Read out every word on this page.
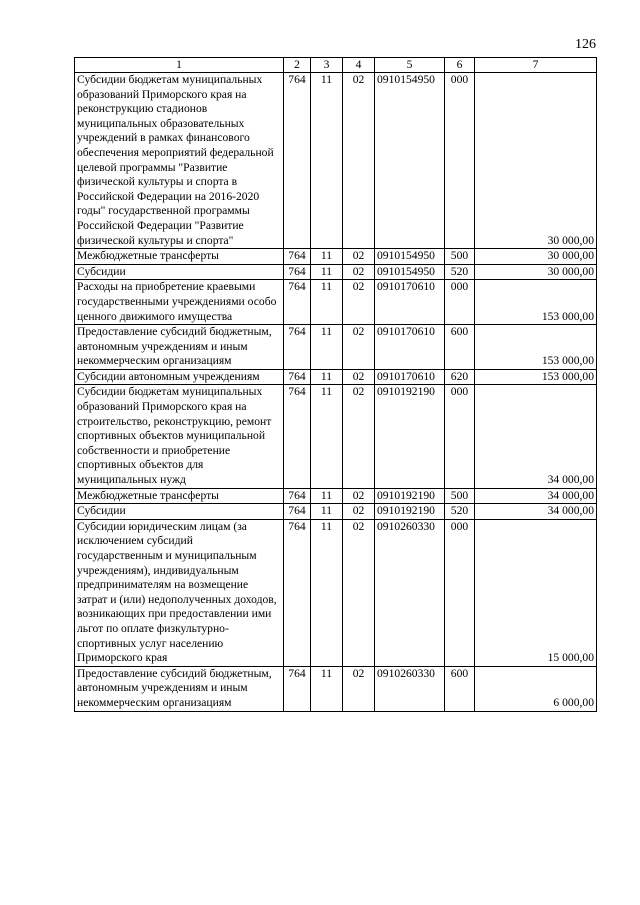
126
1	2	3	4	5	6	7
Субсидии бюджетам муниципальных образований Приморского края на реконструкцию стадионов муниципальных образовательных учреждений в рамках финансового обеспечения мероприятий федеральной целевой программы "Развитие физической культуры и спорта в Российской Федерации на 2016-2020 годы" государственной программы Российской Федерации "Развитие физической культуры и спорта"	764	11	02	0910154950	000	30 000,00
Межбюджетные трансферты	764	11	02	0910154950	500	30 000,00
Субсидии	764	11	02	0910154950	520	30 000,00
Расходы на приобретение краевыми государственными учреждениями особо ценного движимого имущества	764	11	02	0910170610	000	153 000,00
Предоставление субсидий бюджетным, автономным учреждениям и иным некоммерческим организациям	764	11	02	0910170610	600	153 000,00
Субсидии автономным учреждениям	764	11	02	0910170610	620	153 000,00
Субсидии бюджетам муниципальных образований Приморского края на строительство, реконструкцию, ремонт спортивных объектов муниципальной собственности и приобретение спортивных объектов для муниципальных нужд	764	11	02	0910192190	000	34 000,00
Межбюджетные трансферты	764	11	02	0910192190	500	34 000,00
Субсидии	764	11	02	0910192190	520	34 000,00
Субсидии юридическим лицам (за исключением субсидий государственным и муниципальным учреждениям), индивидуальным предпринимателям на возмещение затрат и (или) недополученных доходов, возникающих при предоставлении ими льгот по оплате физкультурно-спортивных услуг населению Приморского края	764	11	02	0910260330	000	15 000,00
Предоставление субсидий бюджетным, автономным учреждениям и иным некоммерческим организациям	764	11	02	0910260330	600	6 000,00
